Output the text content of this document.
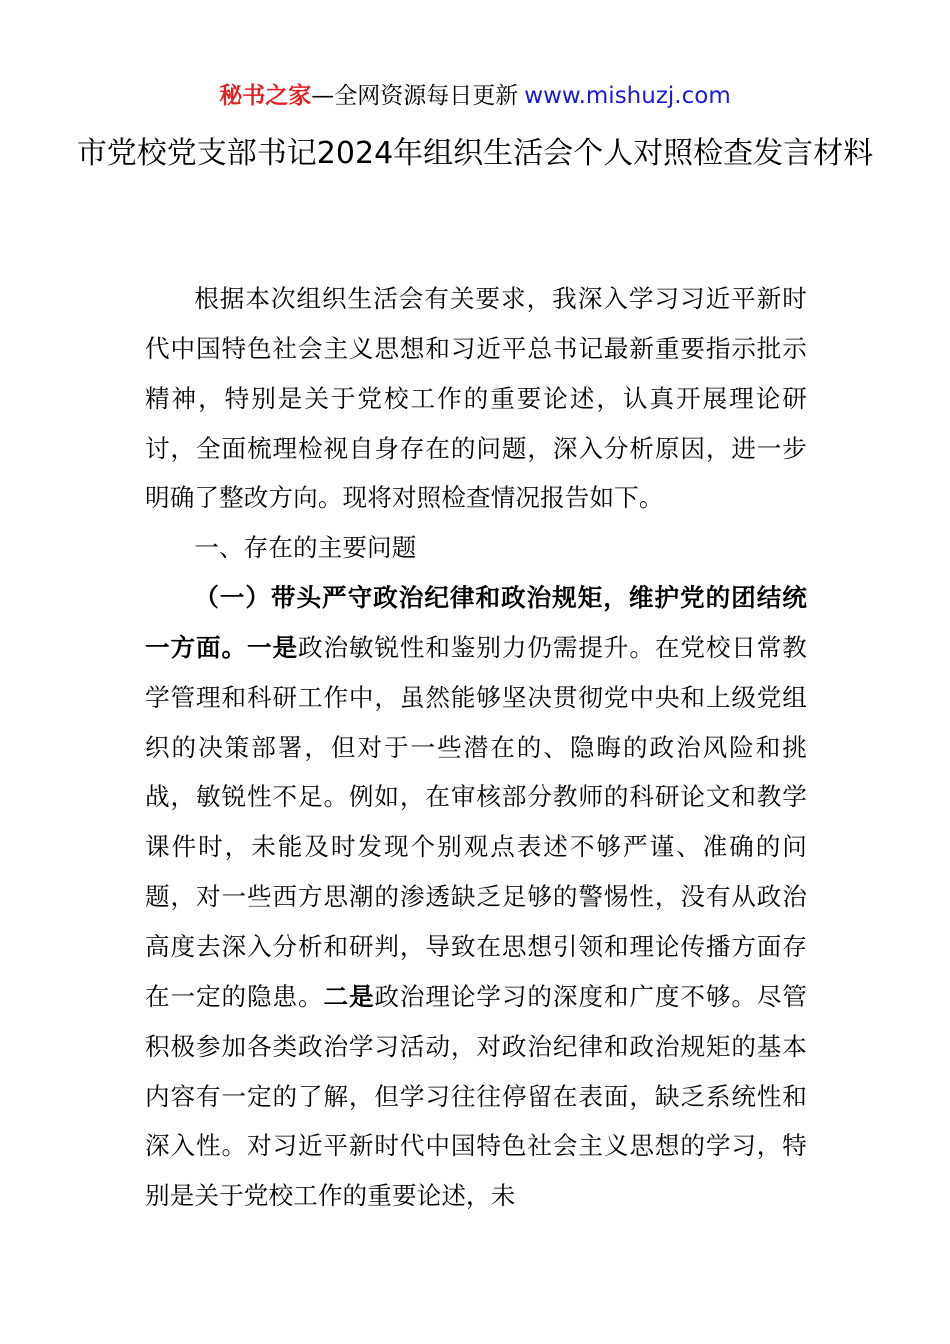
秘书之家—全网资源每日更新 www.mishuzj.com
市党校党支部书记2024年组织生活会个人对照检查发言材料

根据本次组织生活会有关要求，我深入学习习近平新时代中国特色社会主义思想和习近平总书记最新重要指示批示精神，特别是关于党校工作的重要论述，认真开展理论研讨，全面梳理检视自身存在的问题，深入分析原因，进一步明确了整改方向。现将对照检查情况报告如下。

一、存在的主要问题

（一）带头严守政治纪律和政治规矩，维护党的团结统一方面。一是政治敏锐性和鉴别力仍需提升。在党校日常教学管理和科研工作中，虽然能够坚决贯彻党中央和上级党组织的决策部署，但对于一些潜在的、隐晦的政治风险和挑战，敏锐性不足。例如，在审核部分教师的科研论文和教学课件时，未能及时发现个别观点表述不够严谨、准确的问题，对一些西方思潮的渗透缺乏足够的警惕性，没有从政治高度去深入分析和研判，导致在思想引领和理论传播方面存在一定的隐患。二是政治理论学习的深度和广度不够。尽管积极参加各类政治学习活动，对政治纪律和政治规矩的基本内容有一定的了解，但学习往往停留在表面，缺乏系统性和深入性。对习近平新时代中国特色社会主义思想的学习，特别是关于党校工作的重要论述，未
